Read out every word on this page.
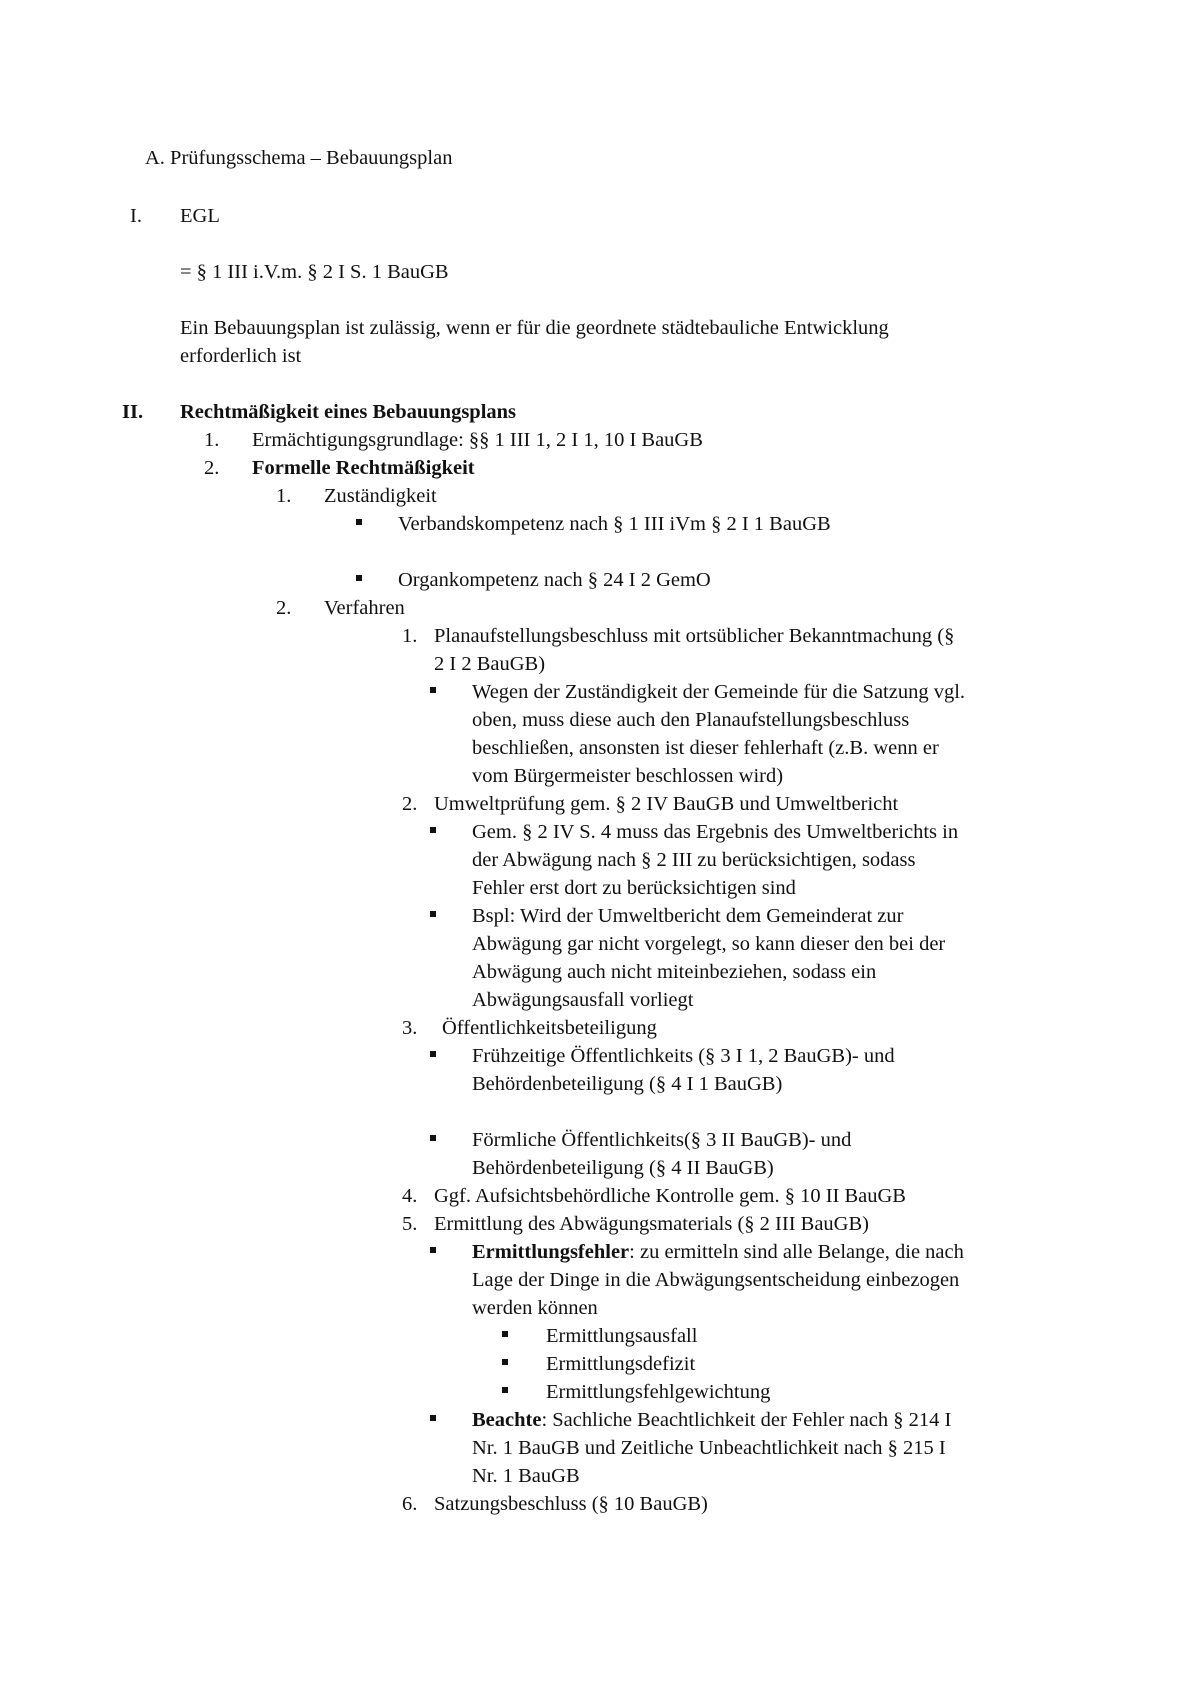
A. Prüfungsschema – Bebauungsplan
I. EGL
= § 1 III i.V.m. § 2 I S. 1 BauGB
Ein Bebauungsplan ist zulässig, wenn er für die geordnete städtebauliche Entwicklung
erforderlich ist
II. Rechtmäßigkeit eines Bebauungsplans
1. Ermächtigungsgrundlage: §§ 1 III 1, 2 I 1, 10 I BauGB
2. Formelle Rechtmäßigkeit
1. Zuständigkeit
Verbandskompetenz nach § 1 III iVm § 2 I 1 BauGB
Organkompetenz nach § 24 I 2 GemO
2. Verfahren
1. Planaufstellungsbeschluss mit ortsüblicher Bekanntmachung (§
2 I 2 BauGB)
Wegen der Zuständigkeit der Gemeinde für die Satzung vgl.
oben, muss diese auch den Planaufstellungsbeschluss
beschließen, ansonsten ist dieser fehlerhaft (z.B. wenn er
vom Bürgermeister beschlossen wird)
2. Umweltprüfung gem. § 2 IV BauGB und Umweltbericht
Gem. § 2 IV S. 4 muss das Ergebnis des Umweltberichts in
der Abwägung nach § 2 III zu berücksichtigen, sodass
Fehler erst dort zu berücksichtigen sind
Bspl: Wird der Umweltbericht dem Gemeinderat zur
Abwägung gar nicht vorgelegt, so kann dieser den bei der
Abwägung auch nicht miteinbeziehen, sodass ein
Abwägungsausfall vorliegt
3. Öffentlichkeitsbeteiligung
Frühzeitige Öffentlichkeits (§ 3 I 1, 2 BauGB)- und
Behördenbeteiligung (§ 4 I 1 BauGB)
Förmliche Öffentlichkeits(§ 3 II BauGB)- und
Behördenbeteiligung (§ 4 II BauGB)
4. Ggf. Aufsichtsbehördliche Kontrolle gem. § 10 II BauGB
5. Ermittlung des Abwägungsmaterials (§ 2 III BauGB)
Ermittlungsfehler: zu ermitteln sind alle Belange, die nach
Lage der Dinge in die Abwägungsentscheidung einbezogen
werden können
Ermittlungsausfall
Ermittlungsdefizit
Ermittlungsfehlgewichtung
Beachte: Sachliche Beachtlichkeit der Fehler nach § 214 I
Nr. 1 BauGB und Zeitliche Unbeachtlichkeit nach § 215 I
Nr. 1 BauGB
6. Satzungsbeschluss (§ 10 BauGB)
